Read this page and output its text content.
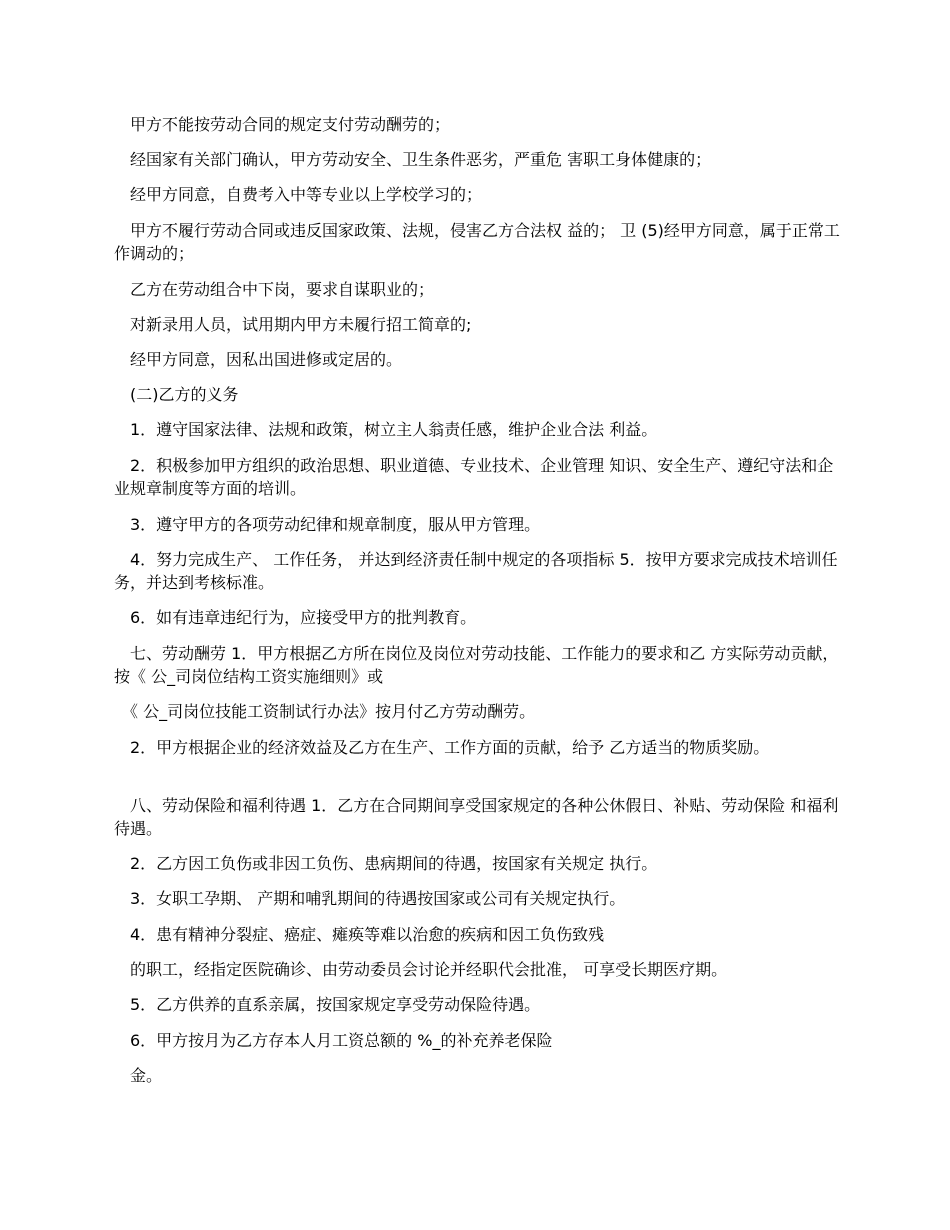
　甲方不能按劳动合同的规定支付劳动酬劳的；
　经国家有关部门确认，甲方劳动安全、卫生条件恶劣，严重危 害职工身体健康的；
　经甲方同意，自费考入中等专业以上学校学习的；
　甲方不履行劳动合同或违反国家政策、法规，侵害乙方合法权 益的； 卫 (5)经甲方同意，属于正常工作调动的；
　乙方在劳动组合中下岗，要求自谋职业的；
　对新录用人员，试用期内甲方未履行招工简章的;
　经甲方同意，因私出国进修或定居的。
　(二)乙方的义务
　1．遵守国家法律、法规和政策，树立主人翁责任感，维护企业合法 利益。
　2．积极参加甲方组织的政治思想、职业道德、专业技术、企业管理 知识、安全生产、遵纪守法和企业规章制度等方面的培训。
　3．遵守甲方的各项劳动纪律和规章制度，服从甲方管理。
　4．努力完成生产、 工作任务， 并达到经济责任制中规定的各项指标 5．按甲方要求完成技术培训任务，并达到考核标准。
　6．如有违章违纪行为，应接受甲方的批判教育。
　七、劳动酬劳 1．甲方根据乙方所在岗位及岗位对劳动技能、工作能力的要求和乙 方实际劳动贡献，按《 公_司岗位结构工资实施细则》或
　《 公_司岗位技能工资制试行办法》按月付乙方劳动酬劳。
　2．甲方根据企业的经济效益及乙方在生产、工作方面的贡献，给予 乙方适当的物质奖励。
　八、劳动保险和福利待遇 1．乙方在合同期间享受国家规定的各种公休假日、补贴、劳动保险 和福利待遇。
　2．乙方因工负伤或非因工负伤、患病期间的待遇，按国家有关规定 执行。
　3．女职工孕期、 产期和哺乳期间的待遇按国家或公司有关规定执行。
　4．患有精神分裂症、癌症、瘫痪等难以治愈的疾病和因工负伤致残
　的职工，经指定医院确诊、由劳动委员会讨论并经职代会批准， 可享受长期医疗期。
　5．乙方供养的直系亲属，按国家规定享受劳动保险待遇。
　6．甲方按月为乙方存本人月工资总额的 %_的补充养老保险
　金。
